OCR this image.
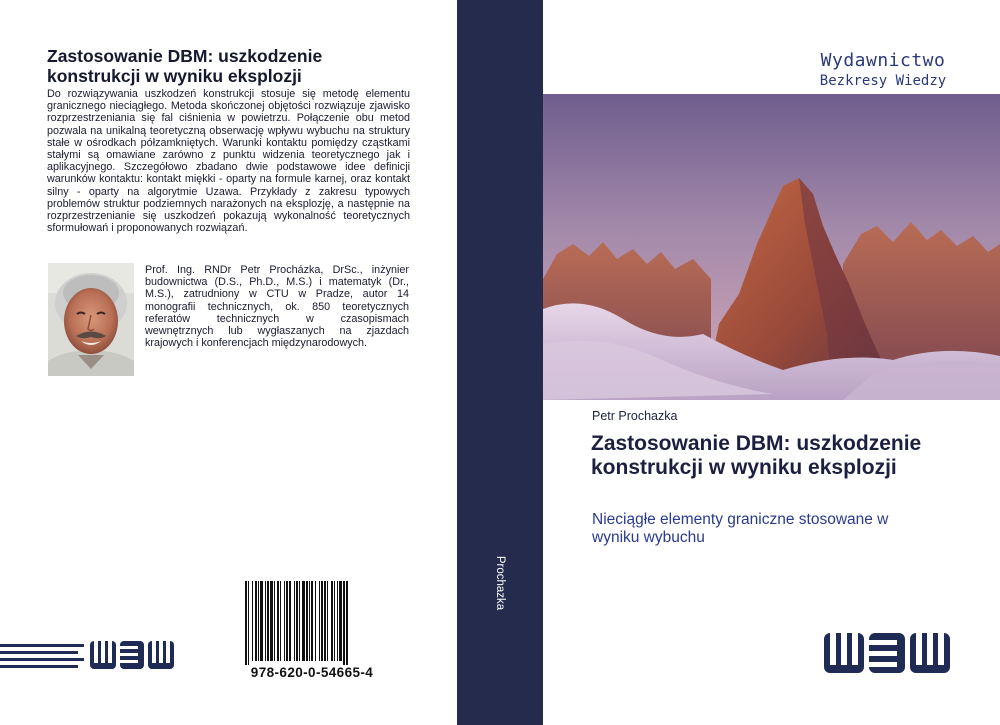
Zastosowanie DBM: uszkodzenie konstrukcji w wyniku eksplozji
Do rozwiązywania uszkodzeń konstrukcji stosuje się metodę elementu granicznego nieciągłego. Metoda skończonej objętości rozwiązuje zjawisko rozprzestrzeniania się fal ciśnienia w powietrzu. Połączenie obu metod pozwala na unikalną teoretyczną obserwację wpływu wybuchu na struktury stałe w ośrodkach półzamkniętych. Warunki kontaktu pomiędzy cząstkami stałymi są omawiane zarówno z punktu widzenia teoretycznego jak i aplikacyjnego. Szczegółowo zbadano dwie podstawowe idee definicji warunków kontaktu: kontakt miękki - oparty na formule karnej, oraz kontakt silny - oparty na algorytmie Uzawa. Przykłady z zakresu typowych problemów struktur podziemnych narażonych na eksplozję, a następnie na rozprzestrzenianie się uszkodzeń pokazują wykonalność teoretycznych sformułowań i proponowanych rozwiązań.
Prof. Ing. RNDr Petr Procházka, DrSc., inżynier budownictwa (D.S., Ph.D., M.S.) i matematyk (Dr., M.S.), zatrudniony w CTU w Pradze, autor 14 monografii technicznych, ok. 850 teoretycznych referatów technicznych w czasopismach wewnętrznych lub wygłaszanych na zjazdach krajowych i konferencjach międzynarodowych.
978-620-0-54665-4
Prochazka
Wydawnictwo
Bezkresy Wiedzy
Petr Prochazka
Zastosowanie DBM: uszkodzenie konstrukcji w wyniku eksplozji
Nieciągłe elementy graniczne stosowane w wyniku wybuchu
